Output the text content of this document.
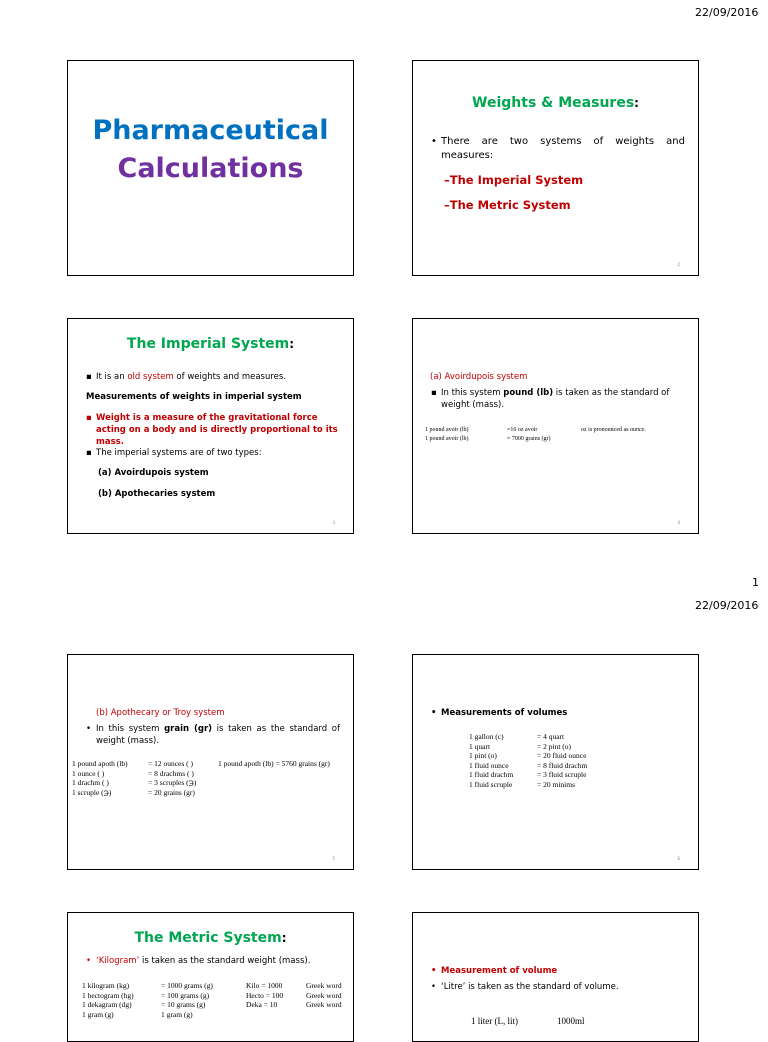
22/09/2016
Pharmaceutical
Calculations
Weights & Measures:
• There are two systems of weights and measures:
–The Imperial System
–The Metric System
2
The Imperial System:
▪ It is an old system of weights and measures.
Measurements of weights in imperial system
▪ Weight is a measure of the gravitational force acting on a body and is directly proportional to its mass.
▪ The imperial systems are of two types:
(a) Avoirdupois system
(b) Apothecaries system
3
(a) Avoirdupois system
▪ In this system pound (lb) is taken as the standard of weight (mass).
1 pound avoir (lb)	=16 oz avoir	oz is pronounced as ounce.

1 pound avoir (lb)	= 7000 grains (gr)

4
1
22/09/2016
(b) Apothecary or Troy system
• In this system grain (gr) is taken as the standard of weight (mass).
1 pound apoth (lb)	= 12 ounces ( )	1 pound apoth (lb) = 5760 grains (gr)

1 ounce ( )	= 8 drachms ( )

1 drachm ( )	= 3 scruples (℈)

1 scruple (℈)	= 20 grains (gr)

5
• Measurements of volumes
1 gallon (c)	= 4 quart

1 quart	= 2 pint (o)

1 pint (o)	= 20 fluid ounce

1 fluid ounce	= 8 fluid drachm

1 fluid drachm	= 3 fluid scruple

1 fluid scruple	= 20 minims

6
The Metric System:
• ‘Kilogram’ is taken as the standard weight (mass).
1 kilogram (kg)	= 1000 grams (g)	Kilo = 1000	Greek word

1 hectogram (hg)	= 100 grams (g)	Hecto = 100	Greek word

1 dekagram (dg)	= 10 grams (g)	Deka = 10	Greek word

1 gram (g)	1 gram (g)

• Measurement of volume
• ‘Litre’ is taken as the standard of volume.
1 liter (L, lit)	1000ml
